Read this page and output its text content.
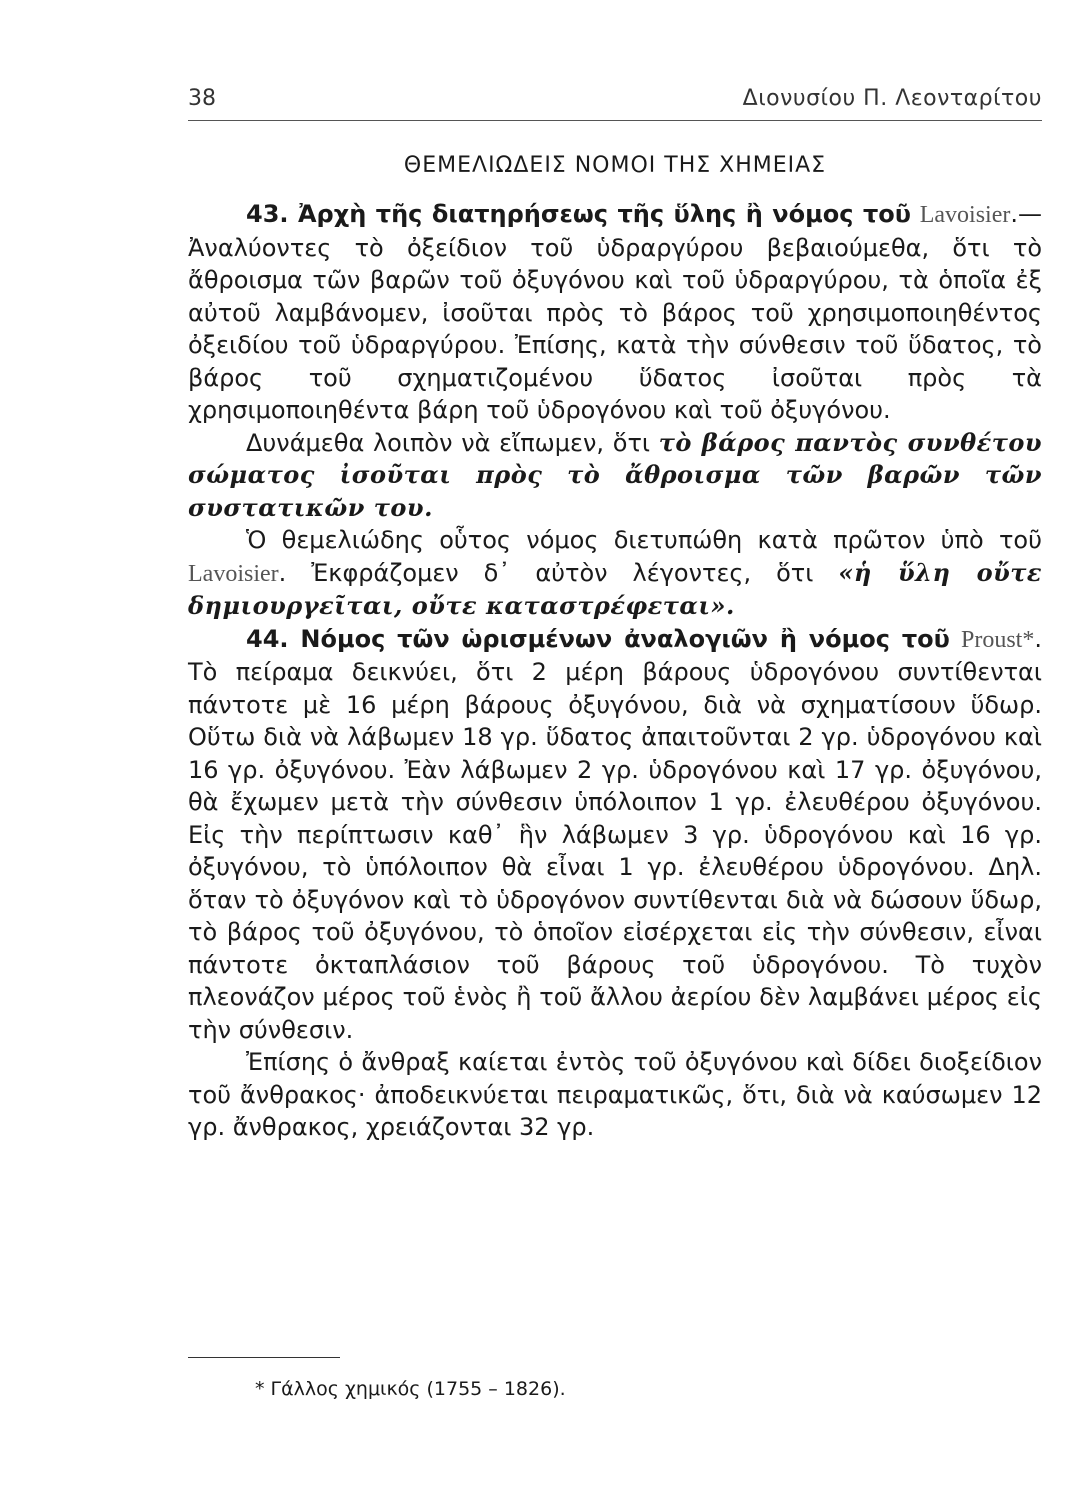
38	Διονυσίου Π. Λεονταρίτου
ΘΕΜΕΛΙΩΔΕΙΣ ΝΟΜΟΙ ΤΗΣ ΧΗΜΕΙΑΣ

43. Ἀρχὴ τῆς διατηρήσεως τῆς ὕλης ἢ νόμος τοῦ Lavoisier.— Ἀναλύοντες τὸ ὀξείδιον τοῦ ὑδραργύρου βεβαιούμεθα, ὅτι τὸ ἄθροισμα τῶν βαρῶν τοῦ ὀξυγόνου καὶ τοῦ ὑδραργύρου, τὰ ὁποῖα ἐξ αὐτοῦ λαμβάνομεν, ἰσοῦται πρὸς τὸ βάρος τοῦ χρησιμοποιηθέντος ὀξειδίου τοῦ ὑδραργύρου. Ἐπίσης, κατὰ τὴν σύνθεσιν τοῦ ὕδατος, τὸ βάρος τοῦ σχηματιζομένου ὕδατος ἰσοῦται πρὸς τὰ χρησιμοποιηθέντα βάρη τοῦ ὑδρογόνου καὶ τοῦ ὀξυγόνου.

Δυνάμεθα λοιπὸν νὰ εἴπωμεν, ὅτι τὸ βάρος παντὸς συνθέτου σώματος ἰσοῦται πρὸς τὸ ἄθροισμα τῶν βαρῶν τῶν συστατικῶν του.

Ὁ θεμελιώδης οὗτος νόμος διετυπώθη κατὰ πρῶτον ὑπὸ τοῦ Lavoisier. Ἐκφράζομεν δ᾽ αὐτὸν λέγοντες, ὅτι «ἡ ὕλη οὔτε δημιουργεῖται, οὔτε καταστρέφεται».

44. Νόμος τῶν ὡρισμένων ἀναλογιῶν ἢ νόμος τοῦ Proust*. Τὸ πείραμα δεικνύει, ὅτι 2 μέρη βάρους ὑδρογόνου συντίθενται πάντοτε μὲ 16 μέρη βάρους ὀξυγόνου, διὰ νὰ σχηματίσουν ὕδωρ. Οὕτω διὰ νὰ λάβωμεν 18 γρ. ὕδατος ἀπαιτοῦνται 2 γρ. ὑδρογόνου καὶ 16 γρ. ὀξυγόνου. Ἐὰν λάβωμεν 2 γρ. ὑδρογόνου καὶ 17 γρ. ὀξυγόνου, θὰ ἔχωμεν μετὰ τὴν σύνθεσιν ὑπόλοιπον 1 γρ. ἐλευθέρου ὀξυγόνου. Εἰς τὴν περίπτωσιν καθ᾽ ἣν λάβωμεν 3 γρ. ὑδρογόνου καὶ 16 γρ. ὀξυγόνου, τὸ ὑπόλοιπον θὰ εἶναι 1 γρ. ἐλευθέρου ὑδρογόνου. Δηλ. ὅταν τὸ ὀξυγόνον καὶ τὸ ὑδρογόνον συντίθενται διὰ νὰ δώσουν ὕδωρ, τὸ βάρος τοῦ ὀξυγόνου, τὸ ὁποῖον εἰσέρχεται εἰς τὴν σύνθεσιν, εἶναι πάντοτε ὀκταπλάσιον τοῦ βάρους τοῦ ὑδρογόνου. Τὸ τυχὸν πλεονάζον μέρος τοῦ ἑνὸς ἢ τοῦ ἄλλου ἀερίου δὲν λαμβάνει μέρος εἰς τὴν σύνθεσιν.

Ἐπίσης ὁ ἄνθραξ καίεται ἐντὸς τοῦ ὀξυγόνου καὶ δίδει διοξείδιον τοῦ ἄνθρακος· ἀποδεικνύεται πειραματικῶς, ὅτι, διὰ νὰ καύσωμεν 12 γρ. ἄνθρακος, χρειάζονται 32 γρ.

* Γάλλος χημικός (1755 – 1826).
